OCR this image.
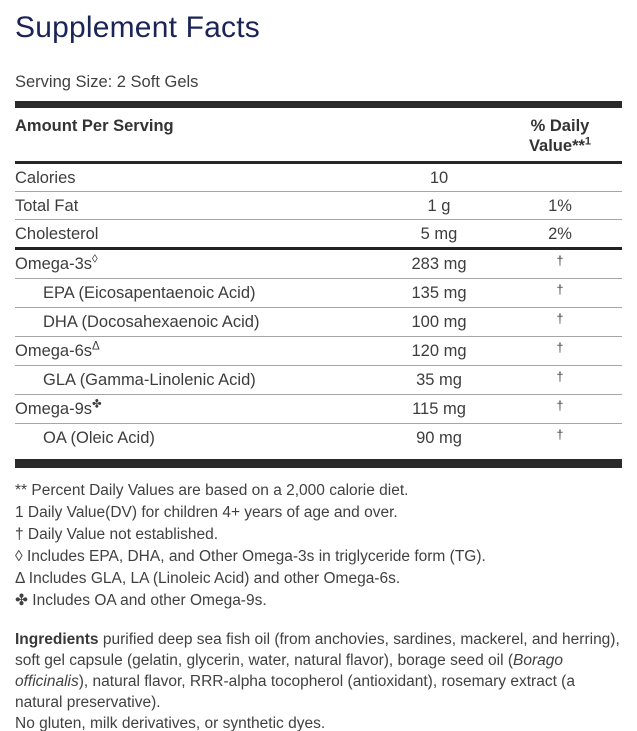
Supplement Facts
Serving Size: 2 Soft Gels
Amount Per Serving	% Daily
Value**$^1$
Calories	10
Total Fat	1 g	1%
Cholesterol	5 mg	2%
Omega-3s◊	283 mg	†
EPA (Eicosapentaenoic Acid)	135 mg	†
DHA (Docosahexaenoic Acid)	100 mg	†
Omega-$6s^\Delta$	120 mg	†
GLA (Gamma-Linolenic Acid)	35 mg	†
Omega-9s✤	115 mg	†
OA (Oleic Acid)	90 mg	†

** Percent Daily Values are based on a 2,000 calorie diet.

1 Daily Value(DV) for children 4+ years of age and over.

† Daily Value not established.

◊ Includes EPA, DHA, and Other Omega-3s in triglyceride form (TG).

Δ Includes GLA, LA (Linoleic Acid) and other Omega-6s.

✤ Includes OA and other Omega-9s.

Ingredients purified deep sea fish oil (from anchovies, sardines, mackerel, and herring), soft gel capsule (gelatin, glycerin, water, natural flavor), borage seed oil (Borago officinalis), natural flavor, RRR-alpha tocopherol (antioxidant), rosemary extract (a natural preservative).

No gluten, milk derivatives, or synthetic dyes.
